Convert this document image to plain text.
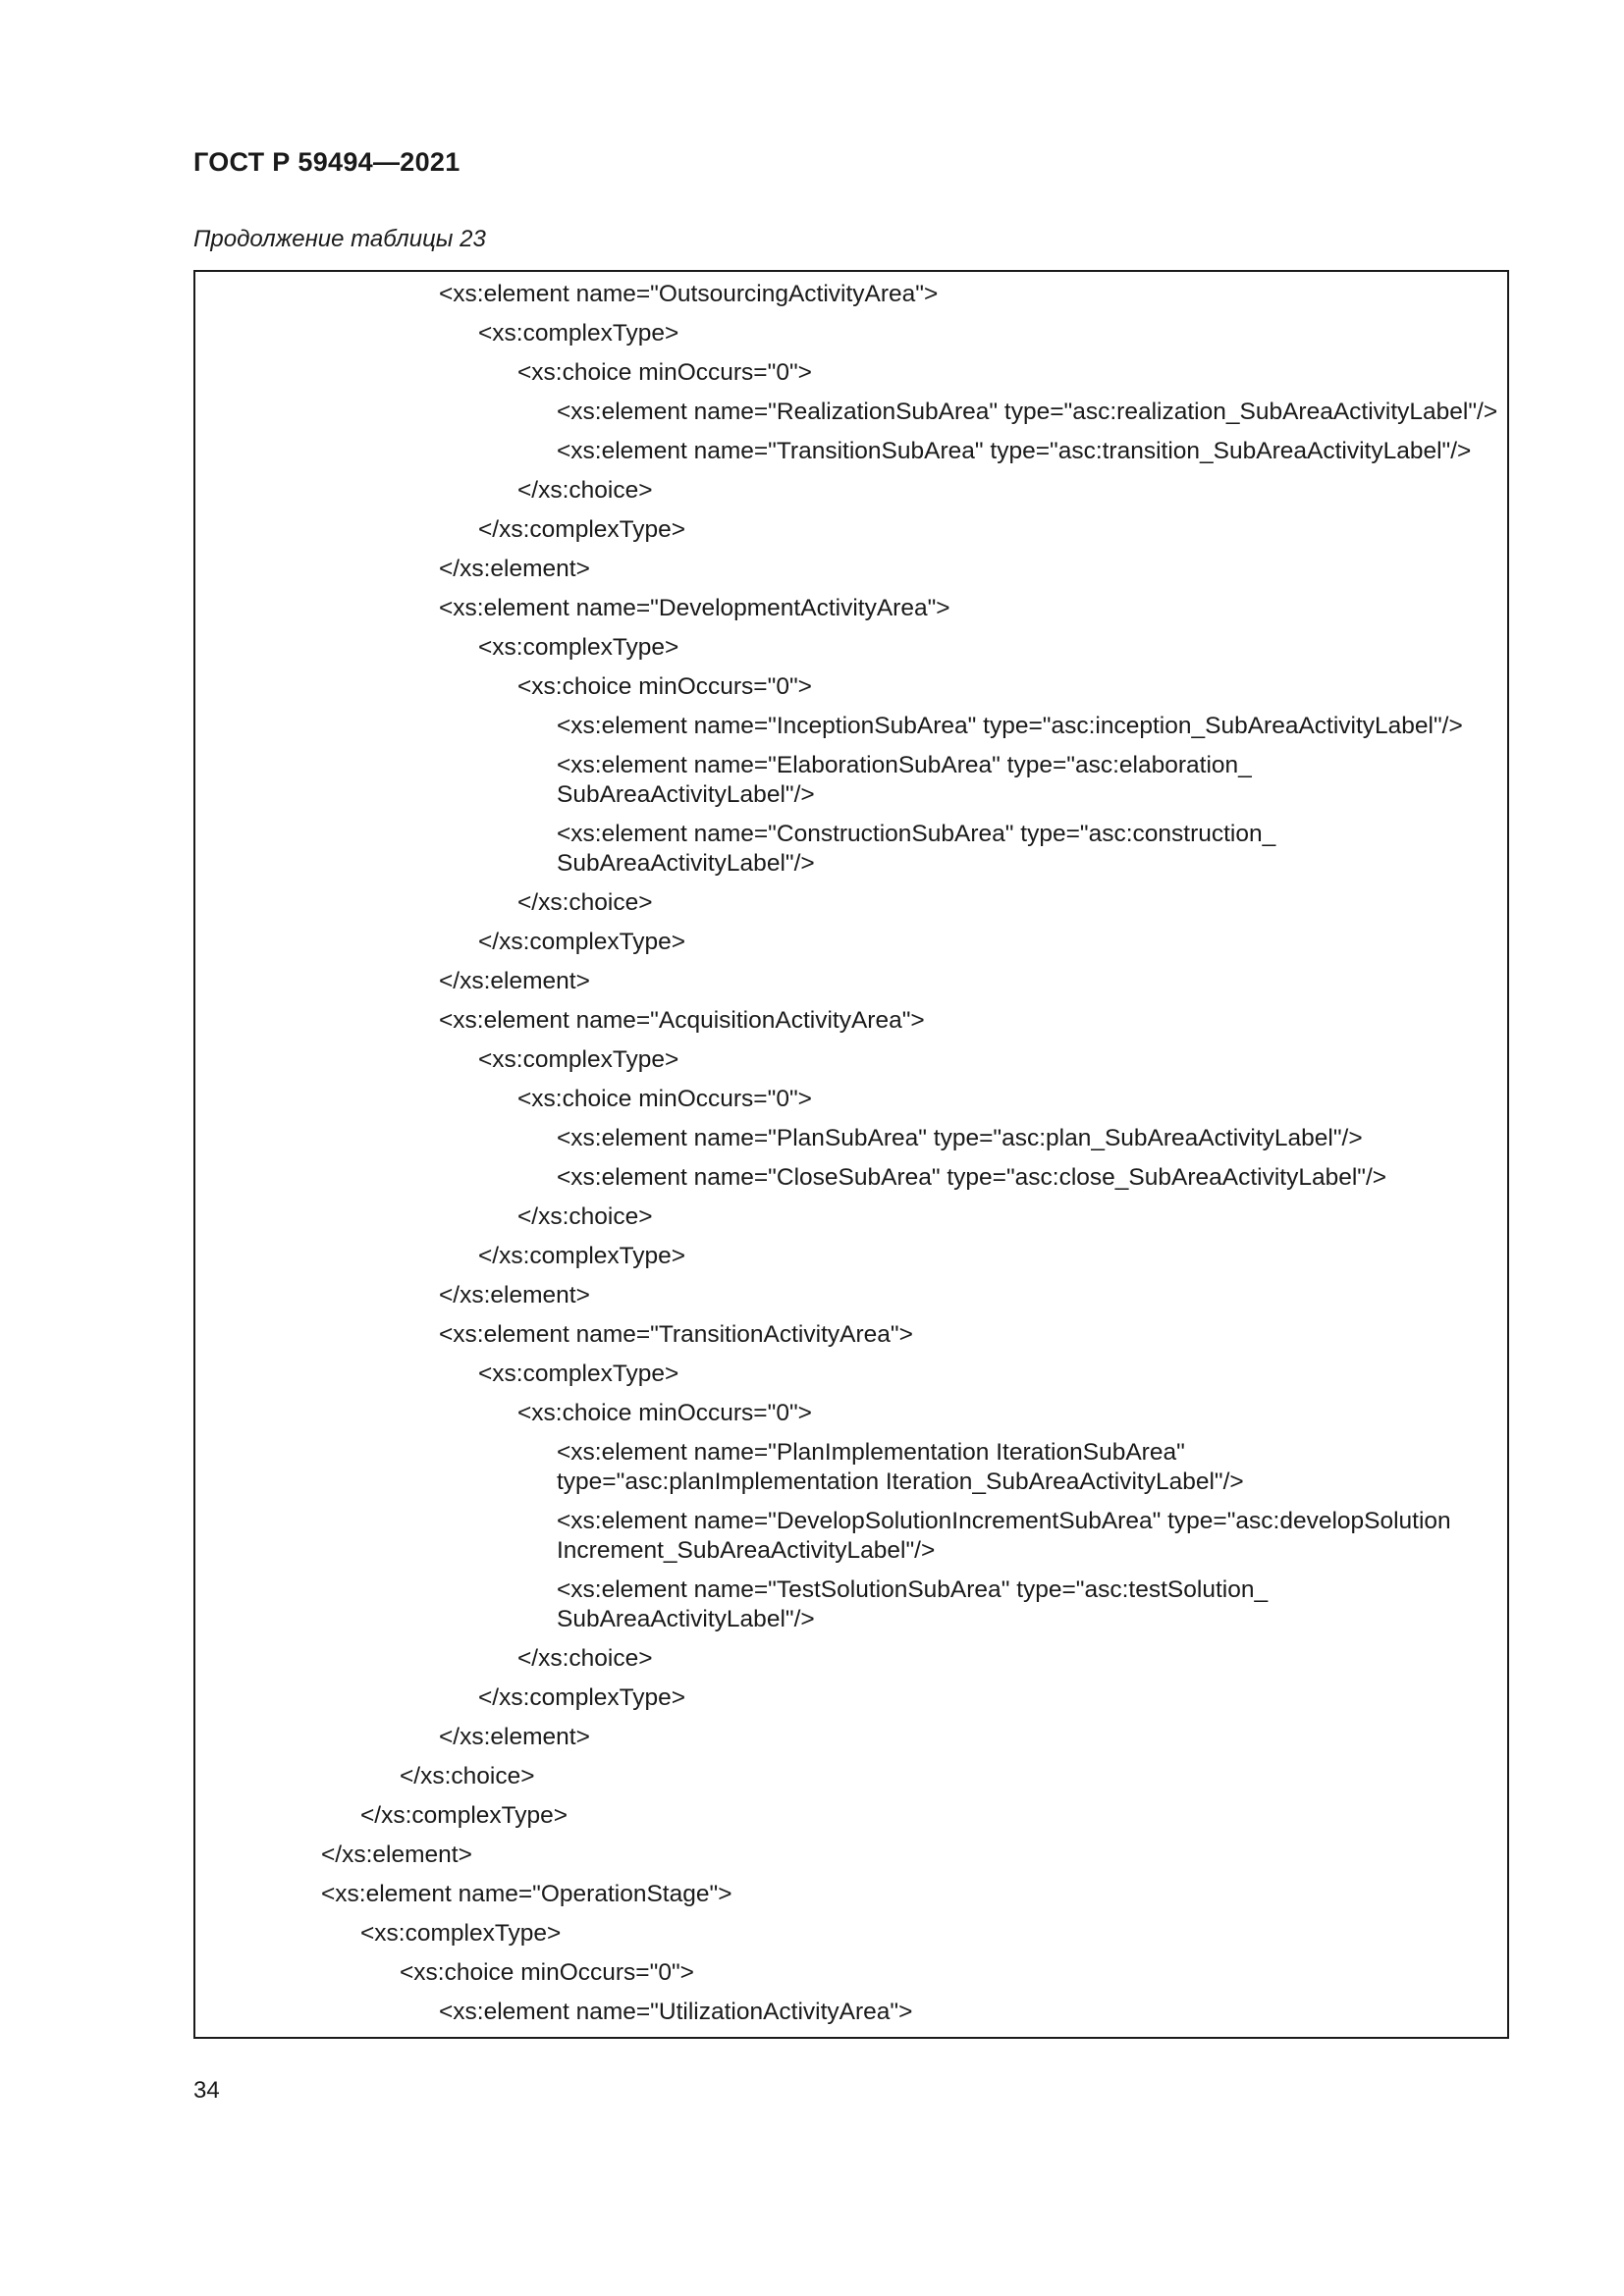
ГОСТ Р 59494—2021
Продолжение таблицы 23
<xs:element name="OutsourcingActivityArea">
<xs:complexType>
<xs:choice minOccurs="0">
<xs:element name="RealizationSubArea" type="asc:realization_SubAreaActivityLabel"/>
<xs:element name="TransitionSubArea" type="asc:transition_SubAreaActivityLabel"/>
</xs:choice>
</xs:complexType>
</xs:element>
<xs:element name="DevelopmentActivityArea">
<xs:complexType>
<xs:choice minOccurs="0">
<xs:element name="InceptionSubArea" type="asc:inception_SubAreaActivityLabel"/>
<xs:element name="ElaborationSubArea" type="asc:elaboration_
SubAreaActivityLabel"/>
<xs:element name="ConstructionSubArea" type="asc:construction_
SubAreaActivityLabel"/>
</xs:choice>
</xs:complexType>
</xs:element>
<xs:element name="AcquisitionActivityArea">
<xs:complexType>
<xs:choice minOccurs="0">
<xs:element name="PlanSubArea" type="asc:plan_SubAreaActivityLabel"/>
<xs:element name="CloseSubArea" type="asc:close_SubAreaActivityLabel"/>
</xs:choice>
</xs:complexType>
</xs:element>
<xs:element name="TransitionActivityArea">
<xs:complexType>
<xs:choice minOccurs="0">
<xs:element name="PlanImplementation IterationSubArea"
type="asc:planImplementation Iteration_SubAreaActivityLabel"/>
<xs:element name="DevelopSolutionIncrementSubArea" type="asc:developSolution
Increment_SubAreaActivityLabel"/>
<xs:element name="TestSolutionSubArea" type="asc:testSolution_
SubAreaActivityLabel"/>
</xs:choice>
</xs:complexType>
</xs:element>
</xs:choice>
</xs:complexType>
</xs:element>
<xs:element name="OperationStage">
<xs:complexType>
<xs:choice minOccurs="0">
<xs:element name="UtilizationActivityArea">
34
